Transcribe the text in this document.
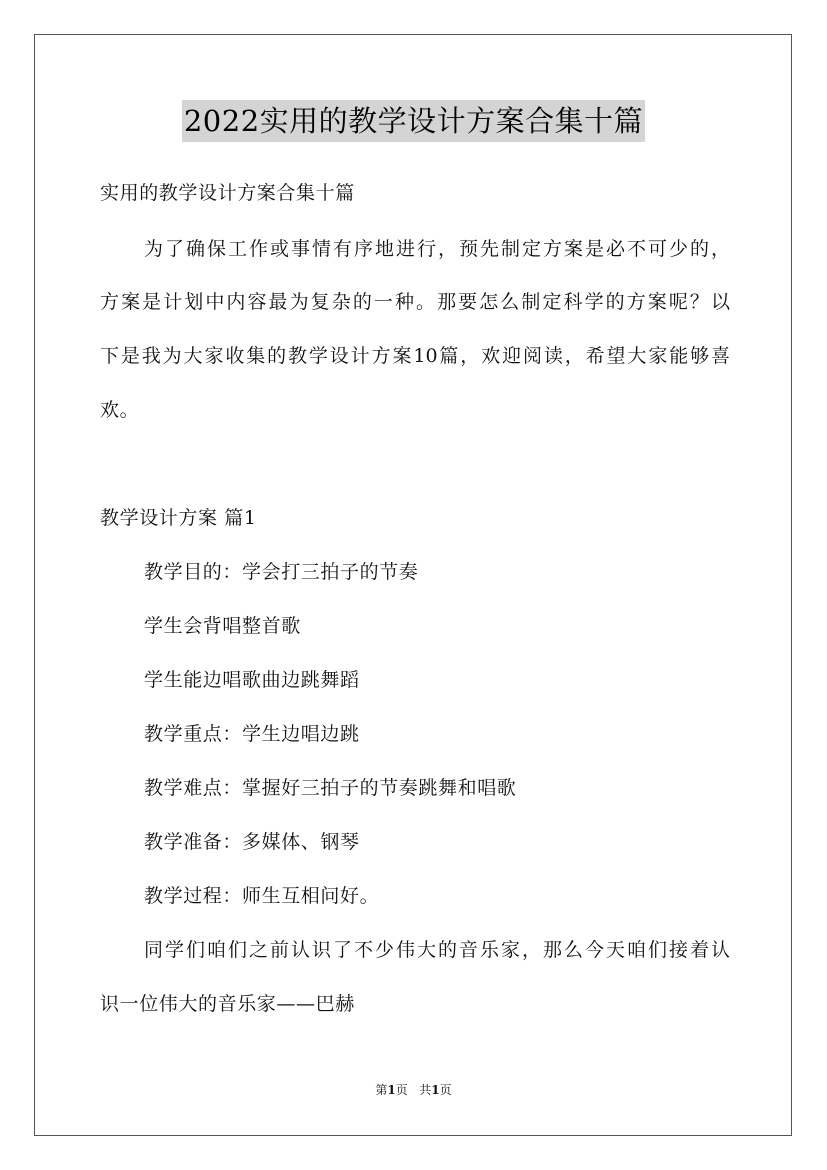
2022实用的教学设计方案合集十篇
实用的教学设计方案合集十篇
为了确保工作或事情有序地进行，预先制定方案是必不可少的，
方案是计划中内容最为复杂的一种。那要怎么制定科学的方案呢？以
下是我为大家收集的教学设计方案10篇，欢迎阅读，希望大家能够喜
欢。
教学设计方案 篇1
教学目的：学会打三拍子的节奏
学生会背唱整首歌
学生能边唱歌曲边跳舞蹈
教学重点：学生边唱边跳
教学难点：掌握好三拍子的节奏跳舞和唱歌
教学准备：多媒体、钢琴
教学过程：师生互相问好。
同学们咱们之前认识了不少伟大的音乐家，那么今天咱们接着认
识一位伟大的音乐家——巴赫
第1页 共1页
